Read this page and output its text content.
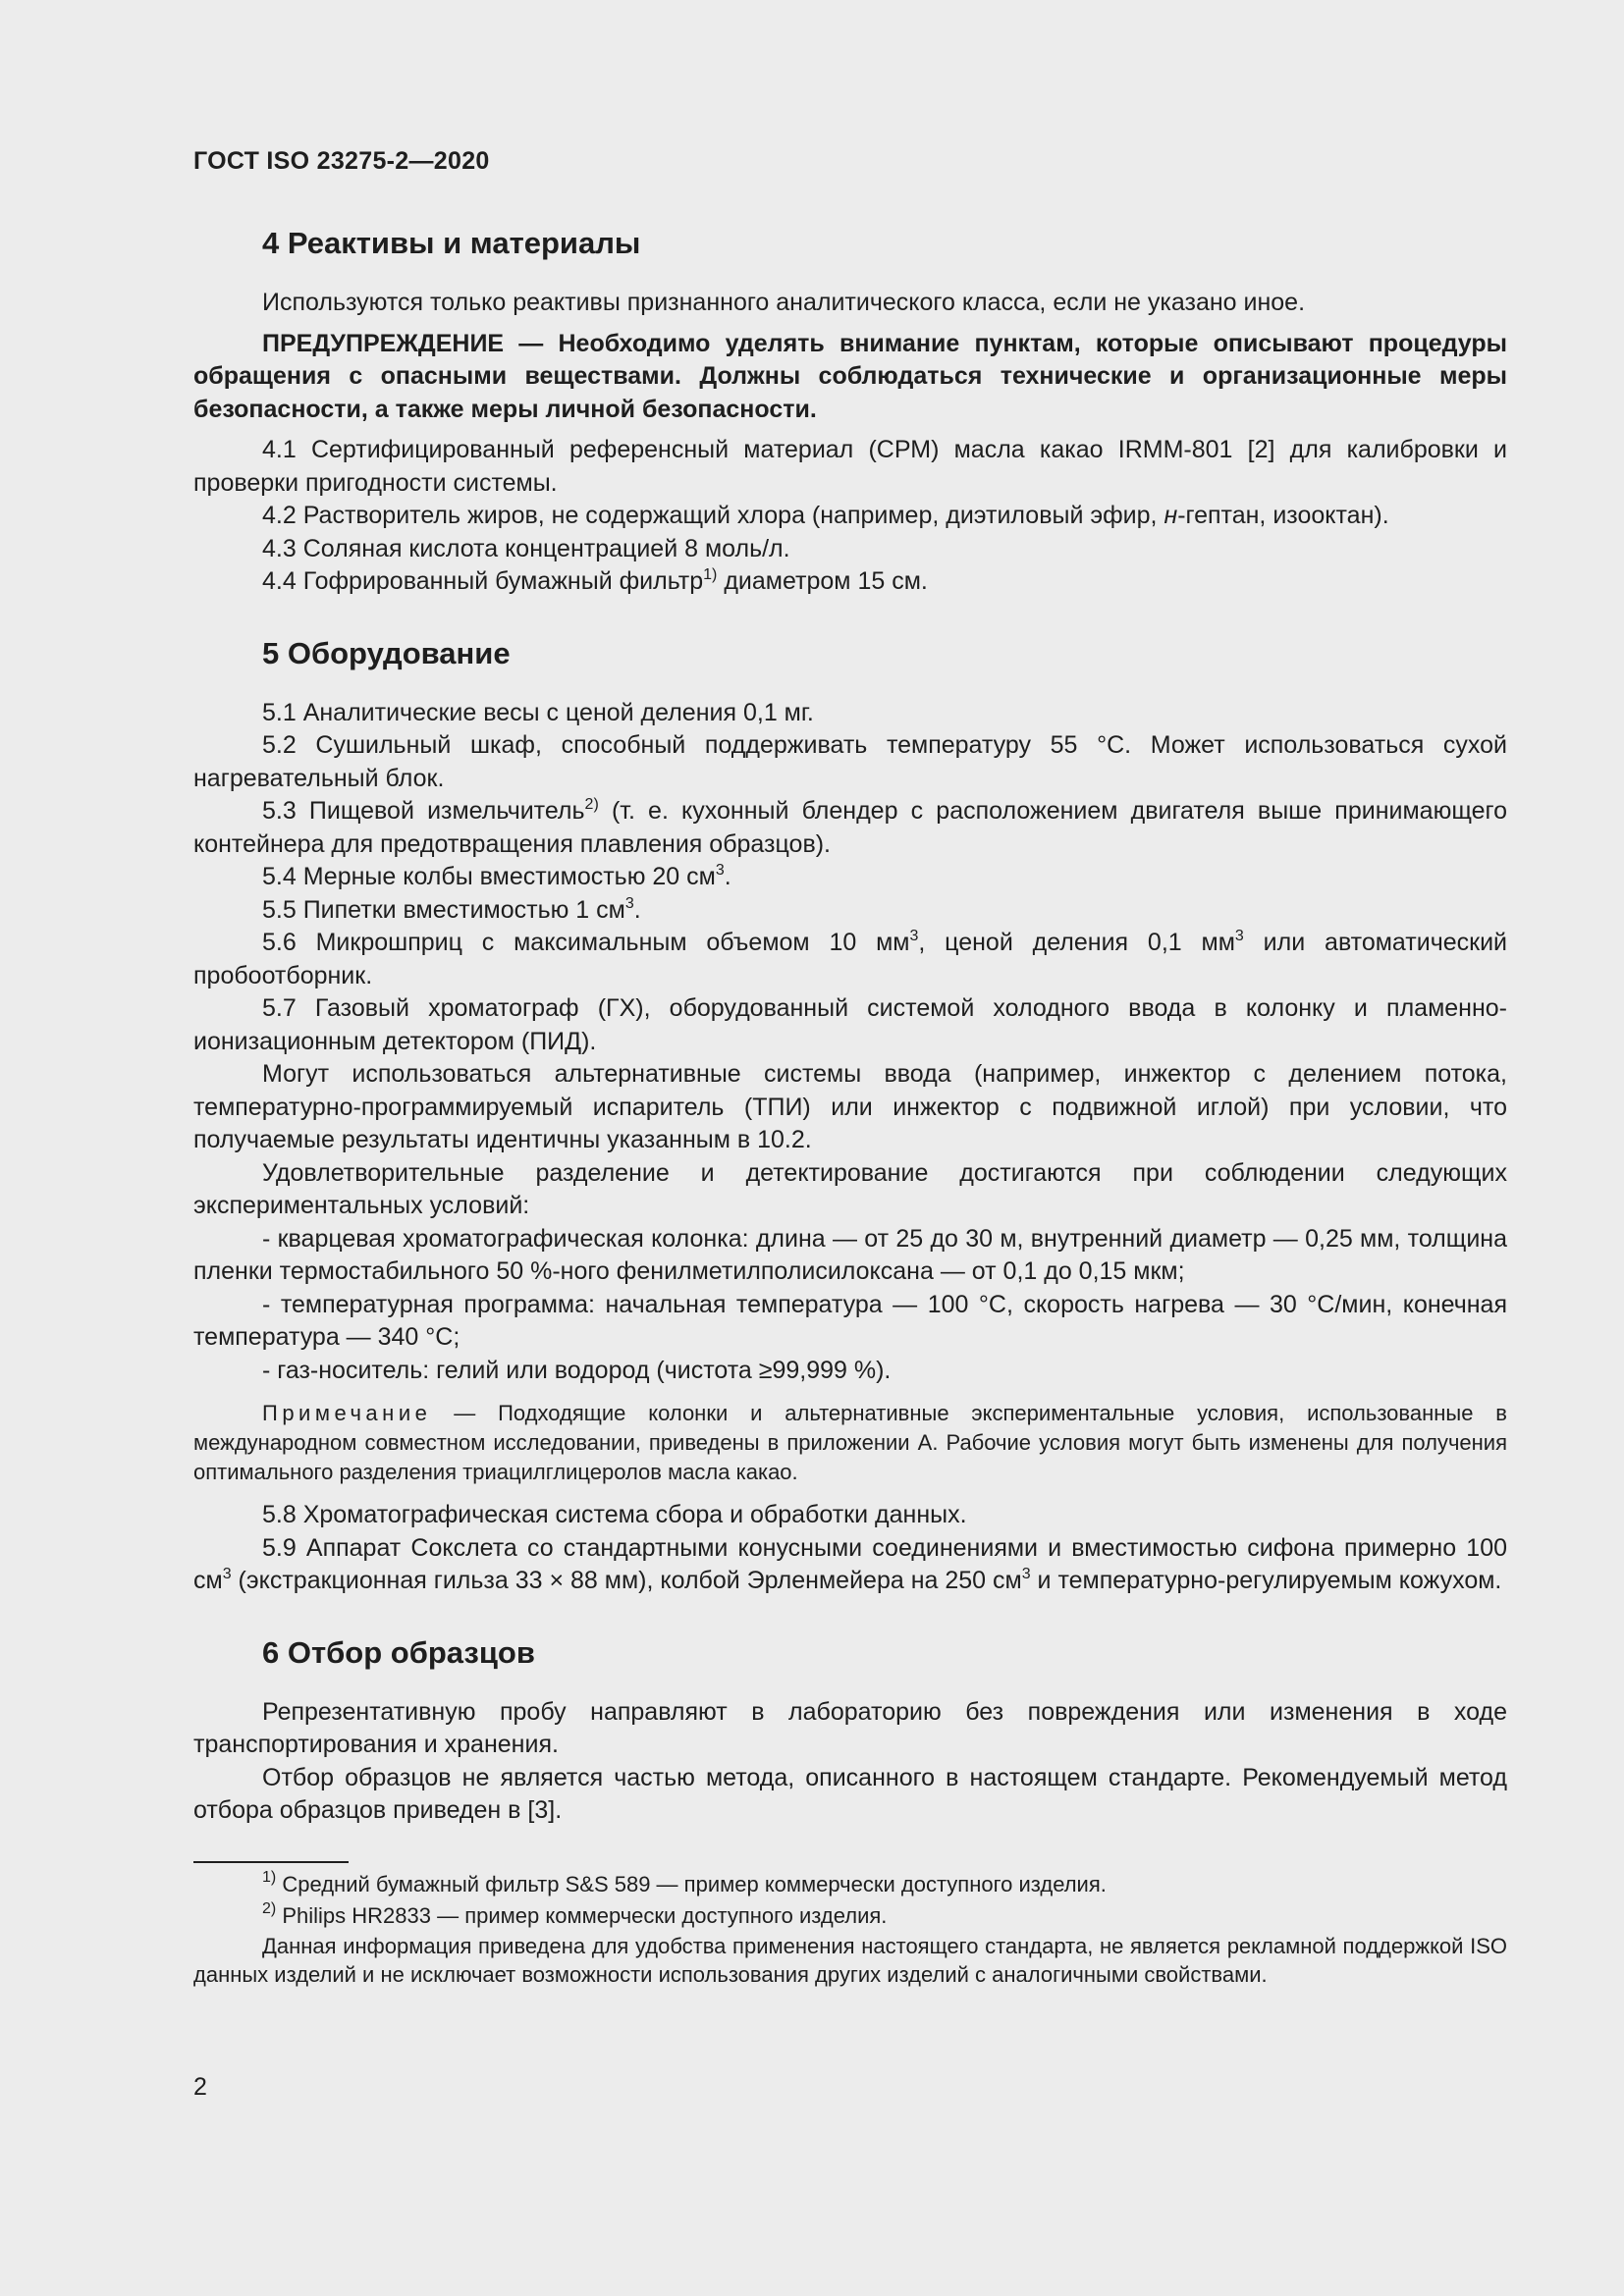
ГОСТ ISO 23275-2—2020
4 Реактивы и материалы

Используются только реактивы признанного аналитического класса, если не указано иное.

ПРЕДУПРЕЖДЕНИЕ — Необходимо уделять внимание пунктам, которые описывают процедуры обращения с опасными веществами. Должны соблюдаться технические и организационные меры безопасности, а также меры личной безопасности.

4.1 Сертифицированный референсный материал (СРМ) масла какао IRMM-801 [2] для калибровки и проверки пригодности системы.

4.2 Растворитель жиров, не содержащий хлора (например, диэтиловый эфир, н-гептан, изооктан).

4.3 Соляная кислота концентрацией 8 моль/л.

4.4 Гофрированный бумажный фильтр$^{1)}$ диаметром 15 см.

5 Оборудование

5.1 Аналитические весы с ценой деления 0,1 мг.

5.2 Сушильный шкаф, способный поддерживать температуру 55 °С. Может использоваться сухой нагревательный блок.

5.3 Пищевой измельчитель$^{2)}$ (т. е. кухонный блендер с расположением двигателя выше принимающего контейнера для предотвращения плавления образцов).

5.4 Мерные колбы вместимостью 20 $см^3$.

5.5 Пипетки вместимостью 1 $см^3$.

5.6 Микрошприц с максимальным объемом 10 $мм^3$, ценой деления 0,1 $мм^3$ или автоматический пробоотборник.

5.7 Газовый хроматограф (ГХ), оборудованный системой холодного ввода в колонку и пламенно-ионизационным детектором (ПИД).

Могут использоваться альтернативные системы ввода (например, инжектор с делением потока, температурно-программируемый испаритель (ТПИ) или инжектор с подвижной иглой) при условии, что получаемые результаты идентичны указанным в 10.2.

Удовлетворительные разделение и детектирование достигаются при соблюдении следующих экспериментальных условий:

- кварцевая хроматографическая колонка: длина — от 25 до 30 м, внутренний диаметр — 0,25 мм, толщина пленки термостабильного 50 %-ного фенилметилполисилоксана — от 0,1 до 0,15 мкм;

- температурная программа: начальная температура — 100 °С, скорость нагрева — 30 °С/мин, конечная температура — 340 °С;

- газ-носитель: гелий или водород (чистота ≥99,999 %).

Примечание — Подходящие колонки и альтернативные экспериментальные условия, использованные в международном совместном исследовании, приведены в приложении А. Рабочие условия могут быть изменены для получения оптимального разделения триацилглицеролов масла какао.

5.8 Хроматографическая система сбора и обработки данных.

5.9 Аппарат Сокслета со стандартными конусными соединениями и вместимостью сифона примерно 100 $см^3$ (экстракционная гильза 33 × 88 мм), колбой Эрленмейера на 250 $см^3$ и температурно-регулируемым кожухом.

6 Отбор образцов

Репрезентативную пробу направляют в лабораторию без повреждения или изменения в ходе транспортирования и хранения.

Отбор образцов не является частью метода, описанного в настоящем стандарте. Рекомендуемый метод отбора образцов приведен в [3].

$^{1)}$ Средний бумажный фильтр S&S 589 — пример коммерчески доступного изделия.

$^{2)}$ Philips HR2833 — пример коммерчески доступного изделия.

Данная информация приведена для удобства применения настоящего стандарта, не является рекламной поддержкой ISO данных изделий и не исключает возможности использования других изделий с аналогичными свойствами.

2
